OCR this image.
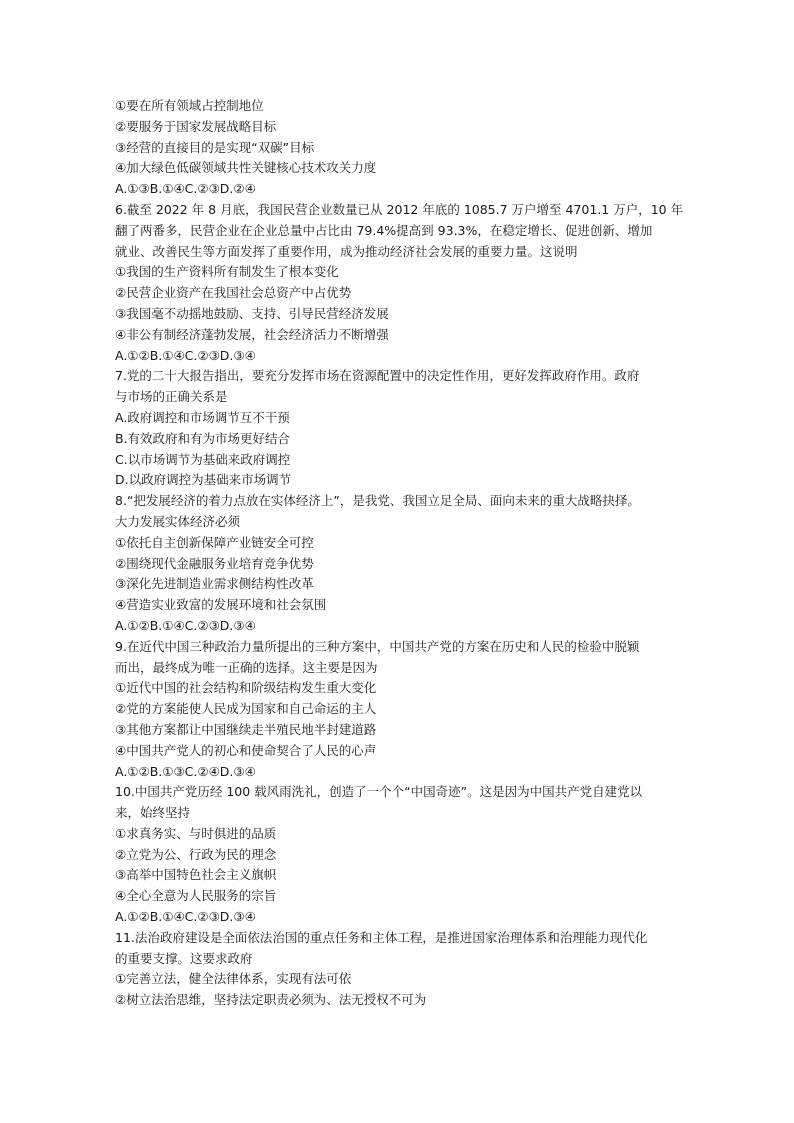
①要在所有领域占控制地位
②要服务于国家发展战略目标
③经营的直接目的是实现“双碳”目标
④加大绿色低碳领域共性关键核心技术攻关力度
A.①③B.①④C.②③D.②④
6.截至 2022 年 8 月底，我国民营企业数量已从 2012 年底的 1085.7 万户增至 4701.1 万户，10 年
翻了两番多，民营企业在企业总量中占比由 79.4%提高到 93.3%，在稳定增长、促进创新、增加
就业、改善民生等方面发挥了重要作用，成为推动经济社会发展的重要力量。这说明
①我国的生产资料所有制发生了根本变化
②民营企业资产在我国社会总资产中占优势
③我国毫不动摇地鼓励、支持、引导民营经济发展
④非公有制经济蓬勃发展，社会经济活力不断增强
A.①②B.①④C.②③D.③④
7.党的二十大报告指出，要充分发挥市场在资源配置中的决定性作用，更好发挥政府作用。政府
与市场的正确关系是
A.政府调控和市场调节互不干预
B.有效政府和有为市场更好结合
C.以市场调节为基础来政府调控
D.以政府调控为基础来市场调节
8.“把发展经济的着力点放在实体经济上”，是我党、我国立足全局、面向未来的重大战略抉择。
大力发展实体经济必须
①依托自主创新保障产业链安全可控
②围绕现代金融服务业培育竞争优势
③深化先进制造业需求侧结构性改革
④营造实业致富的发展环境和社会氛围
A.①②B.①④C.②③D.③④
9.在近代中国三种政治力量所提出的三种方案中，中国共产党的方案在历史和人民的检验中脱颖
而出，最终成为唯一正确的选择。这主要是因为
①近代中国的社会结构和阶级结构发生重大变化
②党的方案能使人民成为国家和自己命运的主人
③其他方案都让中国继续走半殖民地半封建道路
④中国共产党人的初心和使命契合了人民的心声
A.①②B.①③C.②④D.③④
10.中国共产党历经 100 载风雨洗礼，创造了一个个“中国奇迹”。这是因为中国共产党自建党以
来，始终坚持
①求真务实、与时俱进的品质
②立党为公、行政为民的理念
③高举中国特色社会主义旗帜
④全心全意为人民服务的宗旨
A.①②B.①④C.②③D.③④
11.法治政府建设是全面依法治国的重点任务和主体工程，是推进国家治理体系和治理能力现代化
的重要支撑。这要求政府
①完善立法，健全法律体系，实现有法可依
②树立法治思维，坚持法定职责必须为、法无授权不可为
